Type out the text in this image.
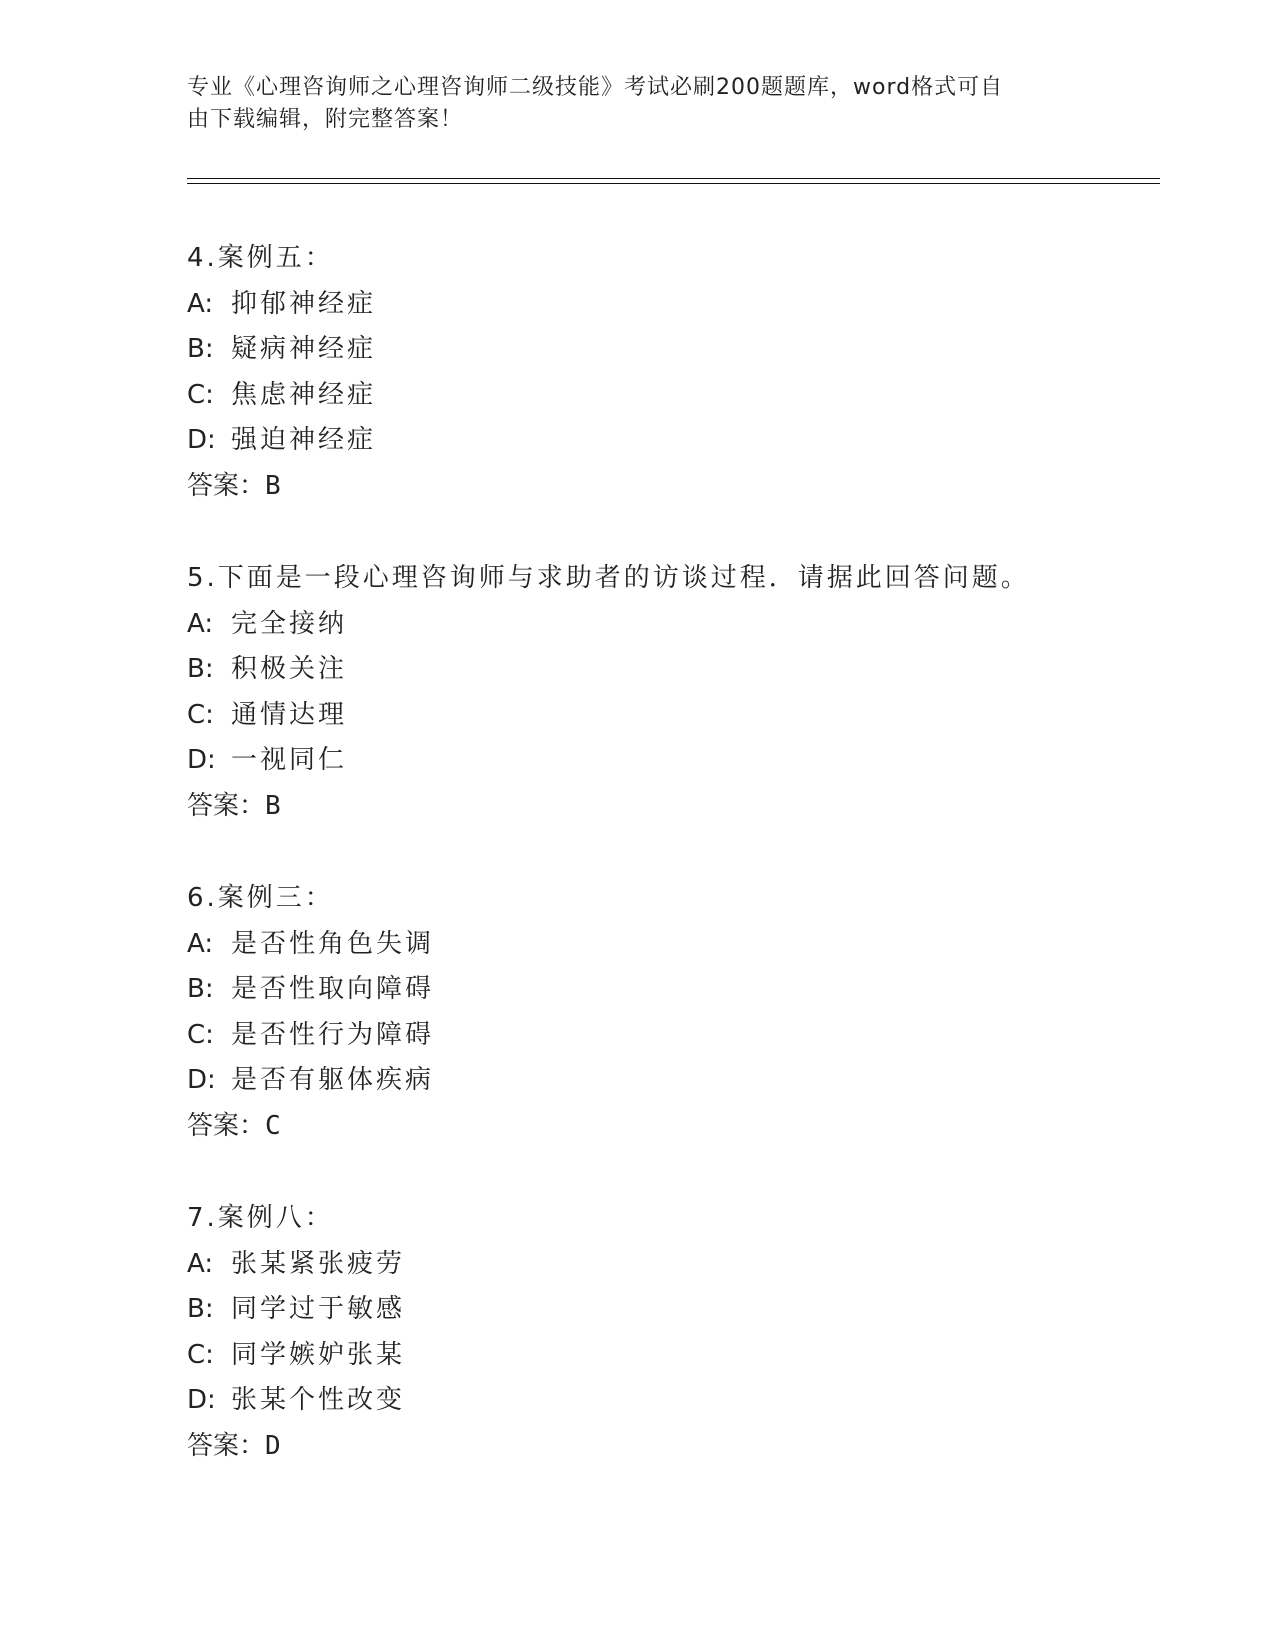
专业《心理咨询师之心理咨询师二级技能》考试必刷200题题库，word格式可自
由下载编辑，附完整答案！
4.案例五：
A: 抑郁神经症
B: 疑病神经症
C: 焦虑神经症
D: 强迫神经症
答案：B
5.下面是一段心理咨询师与求助者的访谈过程．请据此回答问题。
A: 完全接纳
B: 积极关注
C: 通情达理
D: 一视同仁
答案：B
6.案例三：
A: 是否性角色失调
B: 是否性取向障碍
C: 是否性行为障碍
D: 是否有躯体疾病
答案：C
7.案例八：
A: 张某紧张疲劳
B: 同学过于敏感
C: 同学嫉妒张某
D: 张某个性改变
答案：D
